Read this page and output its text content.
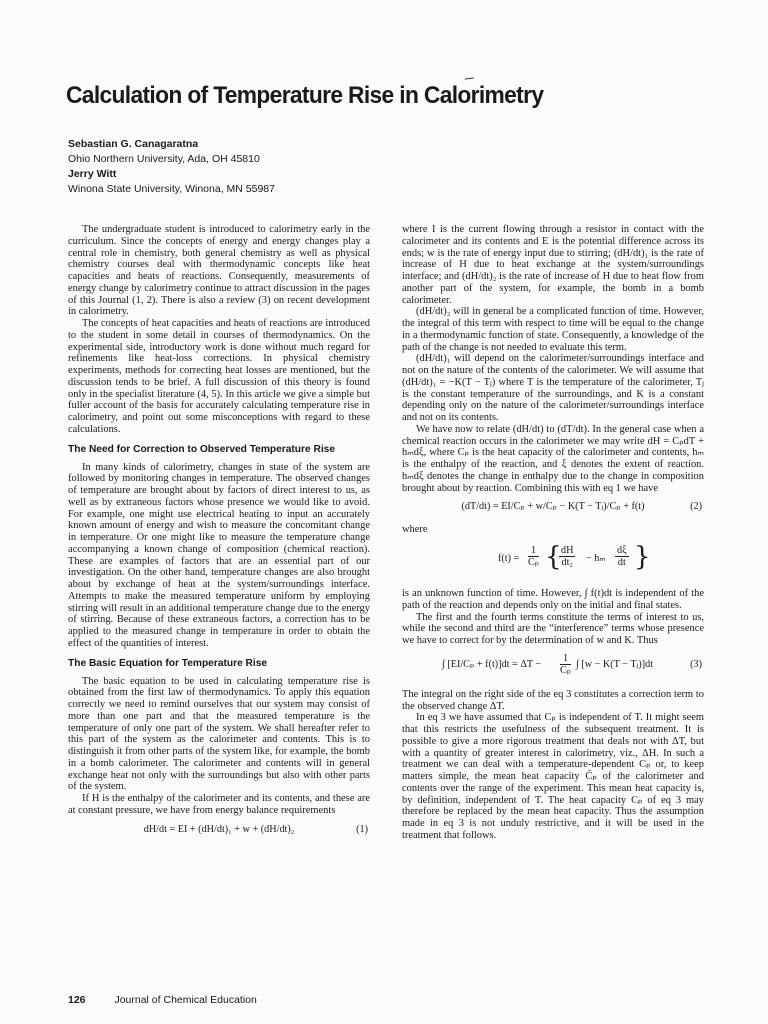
Calculation of Temperature Rise in Calorimetry
Sebastian G. Canagaratna
Ohio Northern University, Ada, OH 45810
Jerry Witt
Winona State University, Winona, MN 55987

The undergraduate student is introduced to calorimetry early in the curriculum. Since the concepts of energy and energy changes play a central role in chemistry, both general chemistry as well as physical chemistry courses deal with thermodynamic concepts like heat capacities and heats of reactions. Consequently, measurements of energy change by calorimetry continue to attract discussion in the pages of this Journal (1, 2). There is also a review (3) on recent development in calorimetry.

The concepts of heat capacities and heats of reactions are introduced to the student in some detail in courses of thermodynamics. On the experimental side, introductory work is done without much regard for refinements like heat-loss corrections. In physical chemistry experiments, methods for correcting heat losses are mentioned, but the discussion tends to be brief. A full discussion of this theory is found only in the specialist literature (4, 5). In this article we give a simple but fuller account of the basis for accurately calculating temperature rise in calorimetry, and point out some misconceptions with regard to these calculations.

The Need for Correction to Observed Temperature Rise

In many kinds of calorimetry, changes in state of the system are followed by monitoring changes in temperature. The observed changes of temperature are brought about by factors of direct interest to us, as well as by extraneous factors whose presence we would like to avoid. For example, one might use electrical heating to input an accurately known amount of energy and wish to measure the concomitant change in temperature. Or one might like to measure the temperature change accompanying a known change of composition (chemical reaction). These are examples of factors that are an essential part of our investigation. On the other hand, temperature changes are also brought about by exchange of heat at the system/surroundings interface. Attempts to make the measured temperature uniform by employing stirring will result in an additional temperature change due to the energy of stirring. Because of these extraneous factors, a correction has to be applied to the measured change in temperature in order to obtain the effect of the quantities of interest.

The Basic Equation for Temperature Rise

The basic equation to be used in calculating temperature rise is obtained from the first law of thermodynamics. To apply this equation correctly we need to remind ourselves that our system may consist of more than one part and that the measured temperature is the temperature of only one part of the system. We shall hereafter refer to this part of the system as the calorimeter and contents. This is to distinguish it from other parts of the system like, for example, the bomb in a bomb calorimeter. The calorimeter and contents will in general exchange heat not only with the surroundings but also with other parts of the system.

If H is the enthalpy of the calorimeter and its contents, and these are at constant pressure, we have from energy balance requirements

dH/dt = EI + (dH/dt)₁ + w + (dH/dt)₂	(1)

where I is the current flowing through a resistor in contact with the calorimeter and its contents and E is the potential difference across its ends; w is the rate of energy input due to stirring; (dH/dt)₁ is the rate of increase of H due to heat exchange at the system/surroundings interface; and (dH/dt)₂ is the rate of increase of H due to heat flow from another part of the system, for example, the bomb in a bomb calorimeter.

(dH/dt)₂ will in general be a complicated function of time. However, the integral of this term with respect to time will be equal to the change in a thermodynamic function of state. Consequently, a knowledge of the path of the change is not needed to evaluate this term.

(dH/dt)₁ will depend on the calorimeter/surroundings interface and not on the nature of the contents of the calorimeter. We will assume that (dH/dt)₁ = −K(T − Tⱼ) where T is the temperature of the calorimeter, Tⱼ is the constant temperature of the surroundings, and K is a constant depending only on the nature of the calorimeter/surroundings interface and not on its contents.

We have now to relate (dH/dt) to (dT/dt). In the general case when a chemical reaction occurs in the calorimeter we may write dH = CₚdT + hₘdξ, where Cₚ is the heat capacity of the calorimeter and contents, hₘ is the enthalpy of the reaction, and ξ denotes the extent of reaction. hₘdξ denotes the change in enthalpy due to the change in composition brought about by reaction. Combining this with eq 1 we have

(dT/dt) = EI/Cₚ + w/Cₚ − K(T − Tⱼ)/Cₚ + f(t)	(2)

where

$f(t) = \frac{1}{\text{Cₚ}}$ {
$\frac{dH}{\text{dt₂}} - h_m \frac{d\xi}{dt}$ }

is an unknown function of time. However, ∫ f(t)dt is independent of the path of the reaction and depends only on the initial and final states.

The first and the fourth terms constitute the terms of interest to us, while the second and third are the “interference” terms whose presence we have to correct for by the determination of w and K. Thus

∫ $[EI/C_p + f(t)]dt = \Delta T - \frac{1}{\text{Cₚ}}$ ∫ [w − K(T − Tⱼ)]dt	(3)

The integral on the right side of the eq 3 constitutes a correction term to the observed change ΔT.

In eq 3 we have assumed that Cₚ is independent of T. It might seem that this restricts the usefulness of the subsequent treatment. It is possible to give a more rigorous treatment that deals not with ΔT, but with a quantity of greater interest in calorimetry, viz., ΔH. In such a treatment we can deal with a temperature-dependent Cₚ or, to keep matters simple, the mean heat capacity C̄ₚ of the calorimeter and contents over the range of the experiment. This mean heat capacity is, by definition, independent of T. The heat capacity Cₚ of eq 3 may therefore be replaced by the mean heat capacity. Thus the assumption made in eq 3 is not unduly restrictive, and it will be used in the treatment that follows.

126	Journal of Chemical Education
